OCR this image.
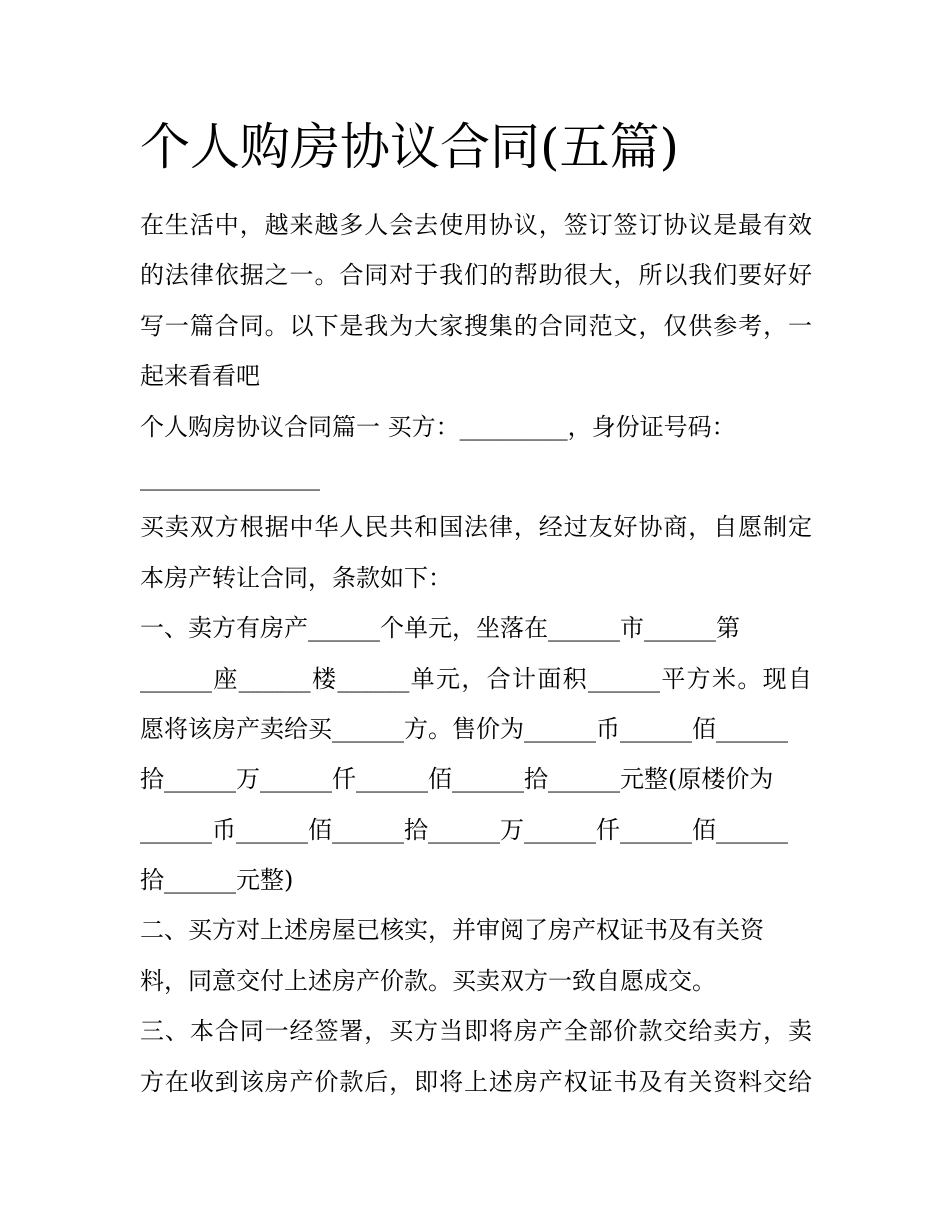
个人购房协议合同(五篇)
在生活中，越来越多人会去使用协议，签订签订协议是最有效
的法律依据之一。合同对于我们的帮助很大，所以我们要好好
写一篇合同。以下是我为大家搜集的合同范文，仅供参考，一
起来看看吧
个人购房协议合同篇一 买方：_________，身份证号码：
_______________
买卖双方根据中华人民共和国法律，经过友好协商，自愿制定
本房产转让合同，条款如下：
一、卖方有房产______个单元，坐落在______市______第
______座______楼______单元，合计面积______平方米。现自
愿将该房产卖给买______方。售价为______币______佰______
拾______万______仟______佰______拾______元整(原楼价为
______币______佰______拾______万______仟______佰______
拾______元整)
二、买方对上述房屋已核实，并审阅了房产权证书及有关资
料，同意交付上述房产价款。买卖双方一致自愿成交。
三、本合同一经签署，买方当即将房产全部价款交给卖方，卖
方在收到该房产价款后，即将上述房产权证书及有关资料交给
